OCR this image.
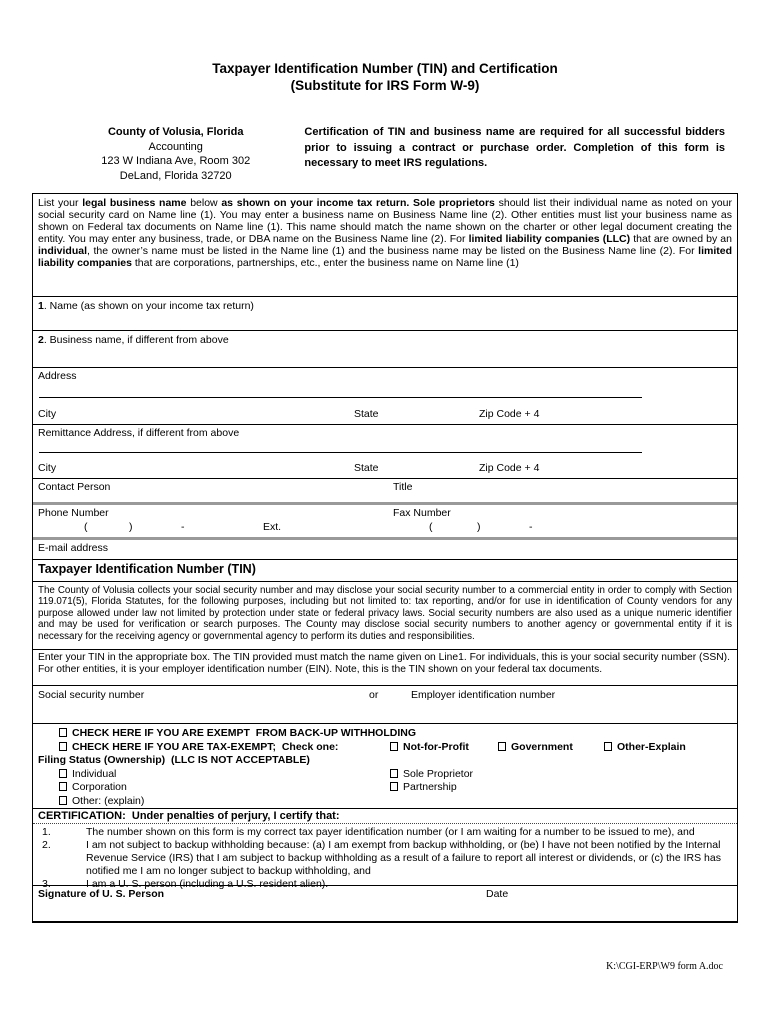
Taxpayer Identification Number (TIN) and Certification
(Substitute for IRS Form W-9)
County of Volusia, Florida
Accounting
123 W Indiana Ave, Room 302
DeLand, Florida 32720
Certification of TIN and business name are required for all successful bidders prior to issuing a contract or purchase order. Completion of this form is necessary to meet IRS regulations.
List your legal business name below as shown on your income tax return. Sole proprietors should list their individual name as noted on your social security card on Name line (1). You may enter a business name on Business Name line (2). Other entities must list your business name as shown on Federal tax documents on Name line (1). This name should match the name shown on the charter or other legal document creating the entity. You may enter any business, trade, or DBA name on the Business Name line (2). For limited liability companies (LLC) that are owned by an individual, the owner’s name must be listed in the Name line (1) and the business name may be listed on the Business Name line (2). For limited liability companies that are corporations, partnerships, etc., enter the business name on Name line (1)
1. Name (as shown on your income tax return)
2. Business name, if different from above
Address
City	State	Zip Code + 4
Remittance Address, if different from above
City	State	Zip Code + 4
Contact Person	Title
Phone Number	Fax Number
(	)	-	Ext.	(	)	-
E-mail address
Taxpayer Identification Number (TIN)
The County of Volusia collects your social security number and may disclose your social security number to a commercial entity in order to comply with Section 119.071(5), Florida Statutes, for the following purposes, including but not limited to: tax reporting, and/or for use in identification of County vendors for any purpose allowed under law not limited by protection under state or federal privacy laws. Social security numbers are also used as a unique numeric identifier and may be used for verification or search purposes. The County may disclose social security numbers to another agency or governmental entity if it is necessary for the receiving agency or governmental agency to perform its duties and responsibilities.
Enter your TIN in the appropriate box. The TIN provided must match the name given on Line1. For individuals, this is your social security number (SSN). For other entities, it is your employer identification number (EIN). Note, this is the TIN shown on your federal tax documents.
Social security number	or	Employer identification number
CHECK HERE IF YOU ARE EXEMPT  FROM BACK-UP WITHHOLDING
CHECK HERE IF YOU ARE TAX-EXEMPT;  Check one:	Not-for-Profit	Government	Other-Explain
Filing Status (Ownership)  (LLC IS NOT ACCEPTABLE)
Individual	Sole Proprietor
Corporation	Partnership
Other: (explain)
CERTIFICATION:  Under penalties of perjury, I certify that:
1.	The number shown on this form is my correct tax payer identification number (or I am waiting for a number to be issued to me), and
2.	I am not subject to backup withholding because: (a) I am exempt from backup withholding, or (be) I have not been notified by the Internal Revenue Service (IRS) that I am subject to backup withholding as a result of a failure to report all interest or dividends, or (c) the IRS has notified me I am no longer subject to backup withholding, and
3.	I am a U. S. person (including a U.S. resident alien).
Signature of U. S. Person	Date
K:\CGI-ERP\W9 form A.doc
